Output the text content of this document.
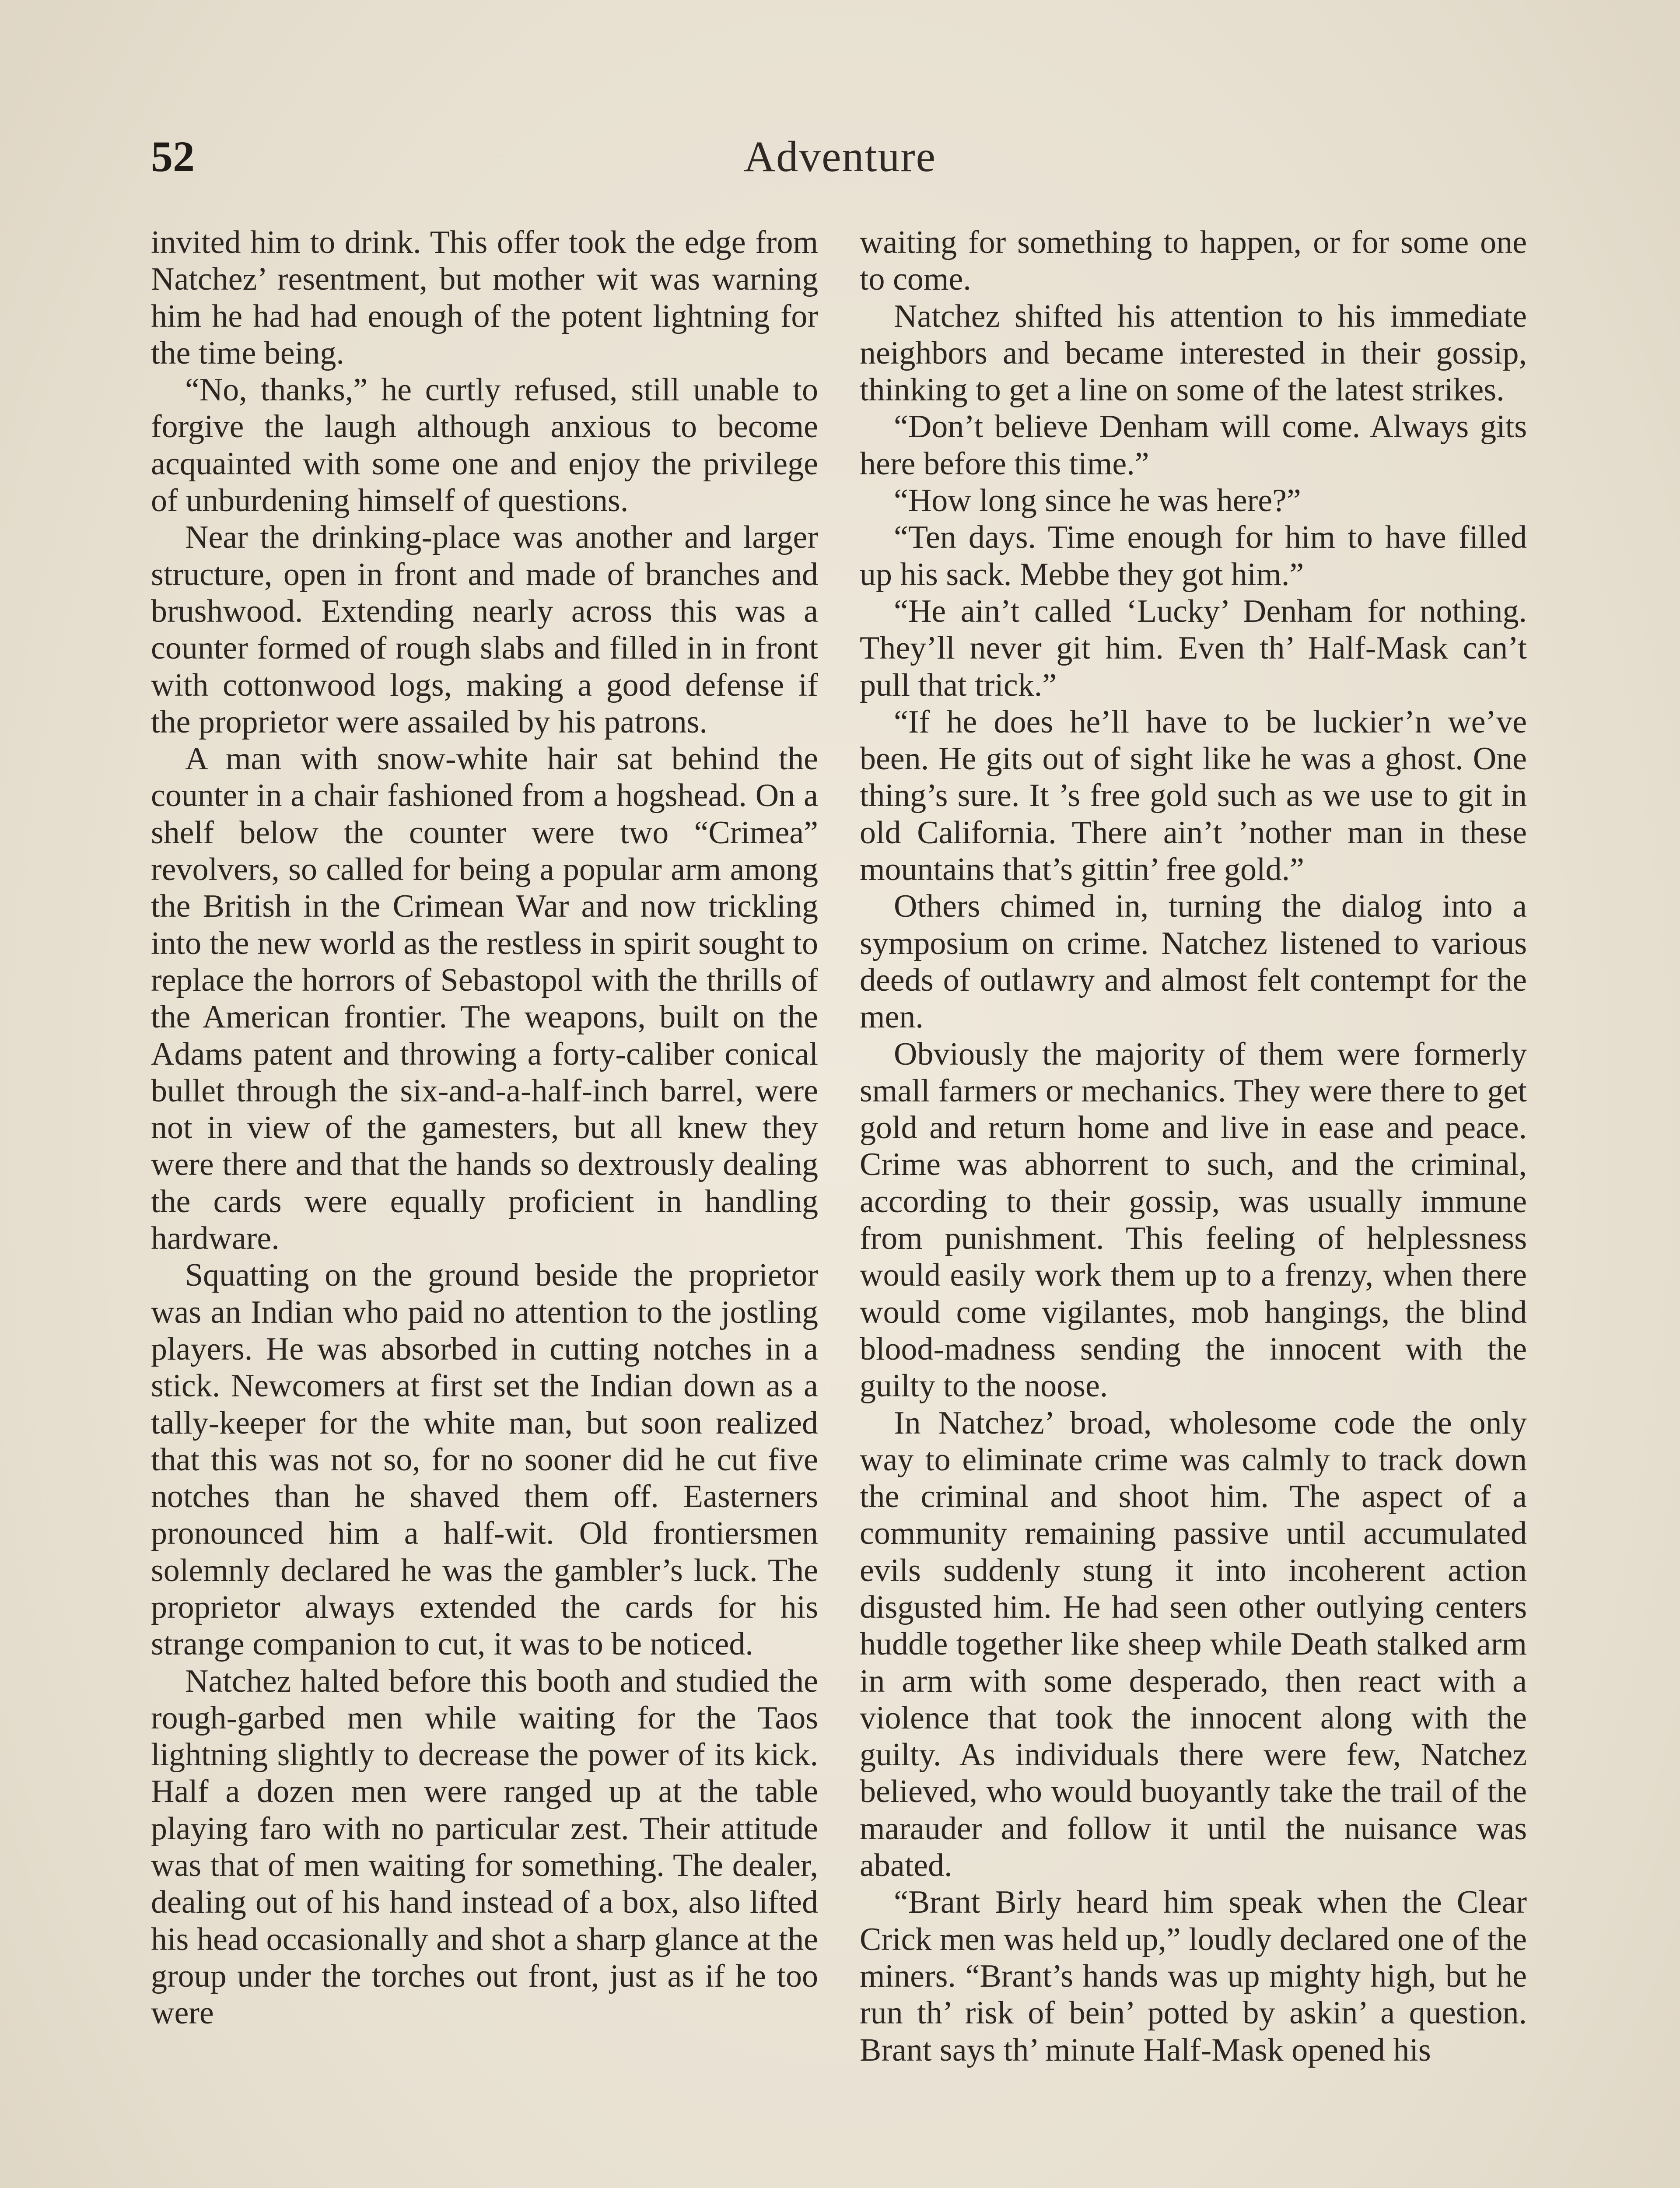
52	Adventure

invited him to drink. This offer took the edge from Natchez’ resentment, but mother wit was warning him he had had enough of the potent lightning for the time being.

“No, thanks,” he curtly refused, still unable to forgive the laugh although anxious to become acquainted with some one and enjoy the privilege of unburdening himself of questions.

Near the drinking-place was another and larger structure, open in front and made of branches and brushwood. Extending nearly across this was a counter formed of rough slabs and filled in in front with cottonwood logs, making a good defense if the proprietor were assailed by his patrons.

A man with snow-white hair sat behind the counter in a chair fashioned from a hogshead. On a shelf below the counter were two “Crimea” revolvers, so called for being a popular arm among the British in the Crimean War and now trickling into the new world as the restless in spirit sought to replace the horrors of Sebastopol with the thrills of the American frontier. The weapons, built on the Adams patent and throwing a forty-caliber conical bullet through the six-and-a-half-inch barrel, were not in view of the gamesters, but all knew they were there and that the hands so dextrously dealing the cards were equally proficient in handling hardware.

Squatting on the ground beside the proprietor was an Indian who paid no attention to the jostling players. He was absorbed in cutting notches in a stick. Newcomers at first set the Indian down as a tally-keeper for the white man, but soon realized that this was not so, for no sooner did he cut five notches than he shaved them off. Easterners pronounced him a half-wit. Old frontiersmen solemnly declared he was the gambler’s luck. The proprietor always extended the cards for his strange companion to cut, it was to be noticed.

Natchez halted before this booth and studied the rough-garbed men while waiting for the Taos lightning slightly to decrease the power of its kick. Half a dozen men were ranged up at the table playing faro with no particular zest. Their attitude was that of men waiting for something. The dealer, dealing out of his hand instead of a box, also lifted his head occasionally and shot a sharp glance at the group under the torches out front, just as if he too were

waiting for something to happen, or for some one to come.

Natchez shifted his attention to his immediate neighbors and became interested in their gossip, thinking to get a line on some of the latest strikes.

“Don’t believe Denham will come. Always gits here before this time.”

“How long since he was here?”

“Ten days. Time enough for him to have filled up his sack. Mebbe they got him.”

“He ain’t called ‘Lucky’ Denham for nothing. They’ll never git him. Even th’ Half-Mask can’t pull that trick.”

“If he does he’ll have to be luckier’n we’ve been. He gits out of sight like he was a ghost. One thing’s sure. It ’s free gold such as we use to git in old California. There ain’t ’nother man in these mountains that’s gittin’ free gold.”

Others chimed in, turning the dialog into a symposium on crime. Natchez listened to various deeds of outlawry and almost felt contempt for the men.

Obviously the majority of them were formerly small farmers or mechanics. They were there to get gold and return home and live in ease and peace. Crime was abhorrent to such, and the criminal, according to their gossip, was usually immune from punishment. This feeling of helplessness would easily work them up to a frenzy, when there would come vigilantes, mob hangings, the blind blood-madness sending the innocent with the guilty to the noose.

In Natchez’ broad, wholesome code the only way to eliminate crime was calmly to track down the criminal and shoot him. The aspect of a community remaining passive until accumulated evils suddenly stung it into incoherent action disgusted him. He had seen other outlying centers huddle together like sheep while Death stalked arm in arm with some desperado, then react with a violence that took the innocent along with the guilty. As individuals there were few, Natchez believed, who would buoyantly take the trail of the marauder and follow it until the nuisance was abated.

“Brant Birly heard him speak when the Clear Crick men was held up,” loudly declared one of the miners. “Brant’s hands was up mighty high, but he run th’ risk of bein’ potted by askin’ a question. Brant says th’ minute Half-Mask opened his
